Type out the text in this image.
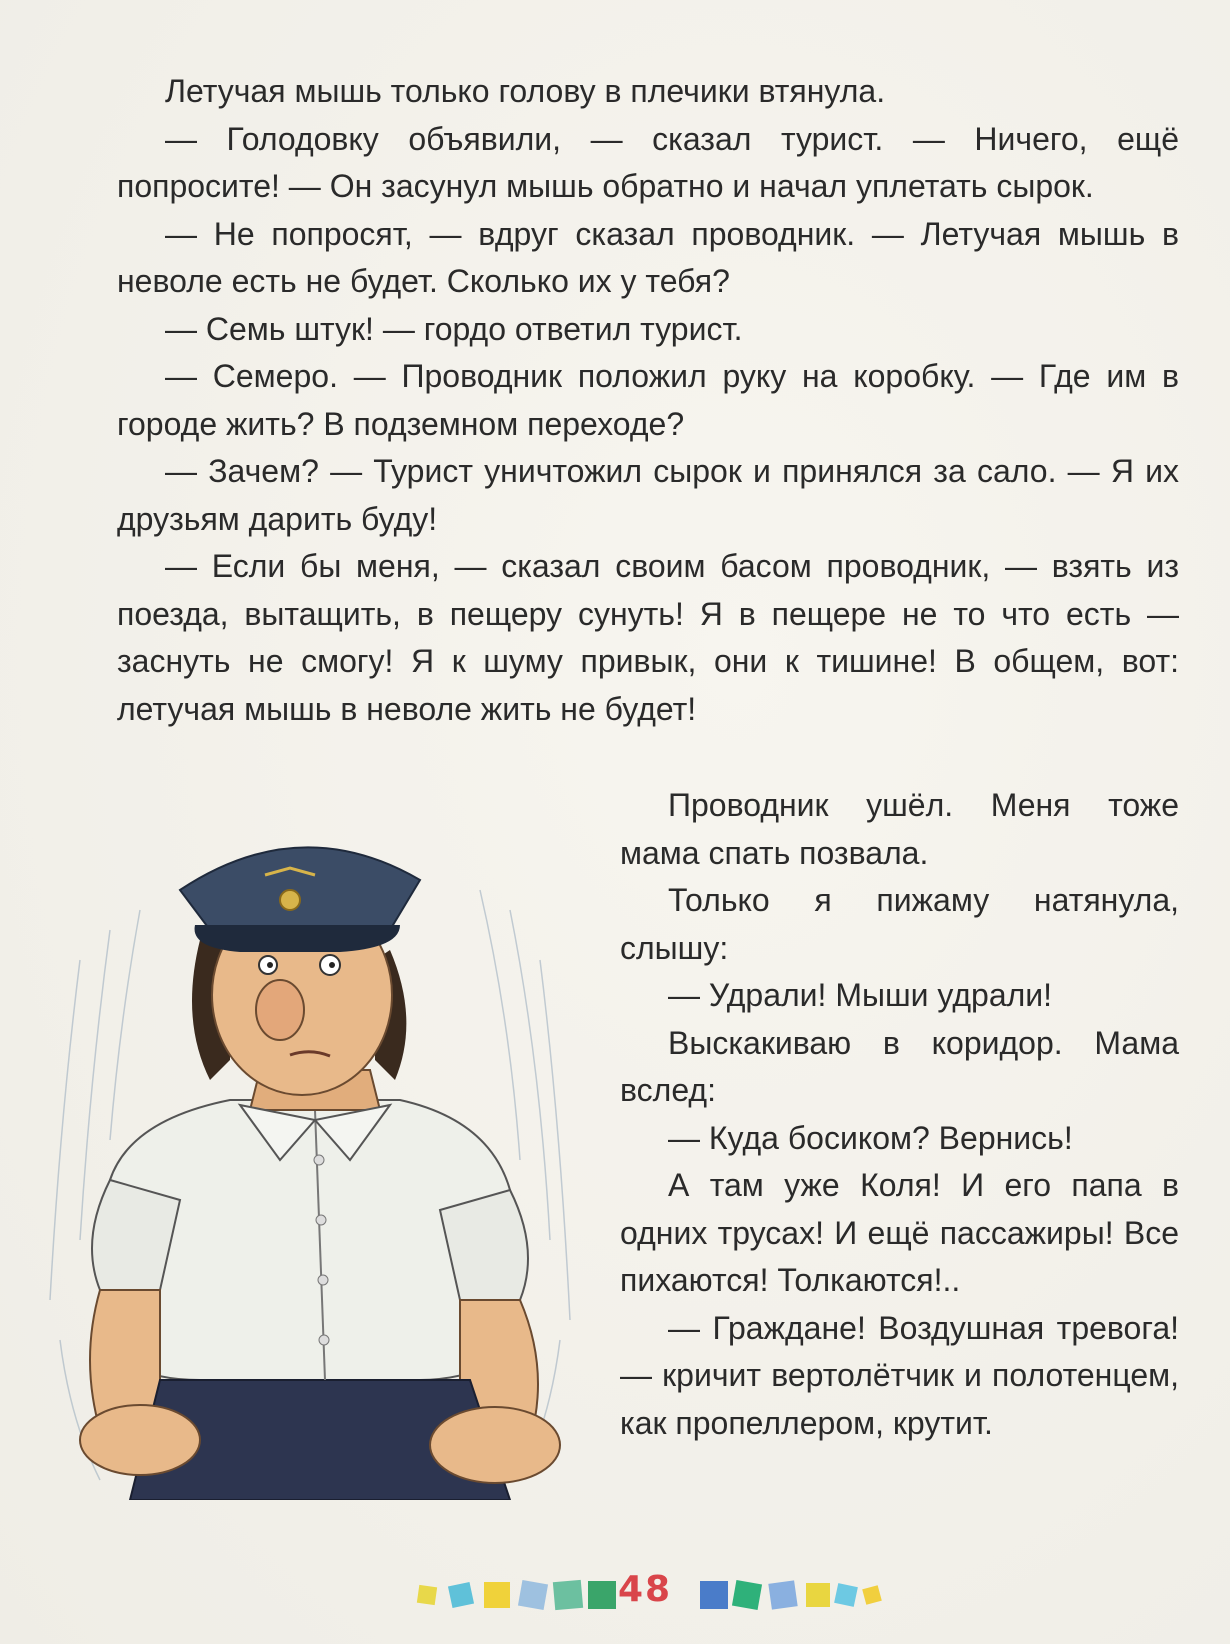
Летучая мышь только голову в плечики втянула.

— Голодовку объявили, — сказал турист. — Ничего, ещё попросите! — Он засунул мышь обратно и начал уплетать сырок.

— Не попросят, — вдруг сказал проводник. — Летучая мышь в неволе есть не будет. Сколько их у тебя?

— Семь штук! — гордо ответил турист.

— Семеро. — Проводник положил руку на коробку. — Где им в городе жить? В подземном переходе?

— Зачем? — Турист уничтожил сырок и принялся за сало. — Я их друзьям дарить буду!

— Если бы меня, — сказал своим басом проводник, — взять из поезда, вытащить, в пещеру сунуть! Я в пещере не то что есть — заснуть не смогу! Я к шуму привык, они к тишине! В общем, вот: летучая мышь в неволе жить не будет!

Проводник ушёл. Меня тоже мама спать позвала.

Только я пижаму натянула, слышу:

— Удрали! Мыши удрали!

Выскакиваю в коридор. Мама вслед:

— Куда босиком? Вернись!

А там уже Коля! И его папа в одних трусах! И ещё пассажиры! Все пихаются! Толкаются!..

— Граждане! Воздушная тревога! — кричит вертолётчик и полотенцем, как пропеллером, крутит.

48
